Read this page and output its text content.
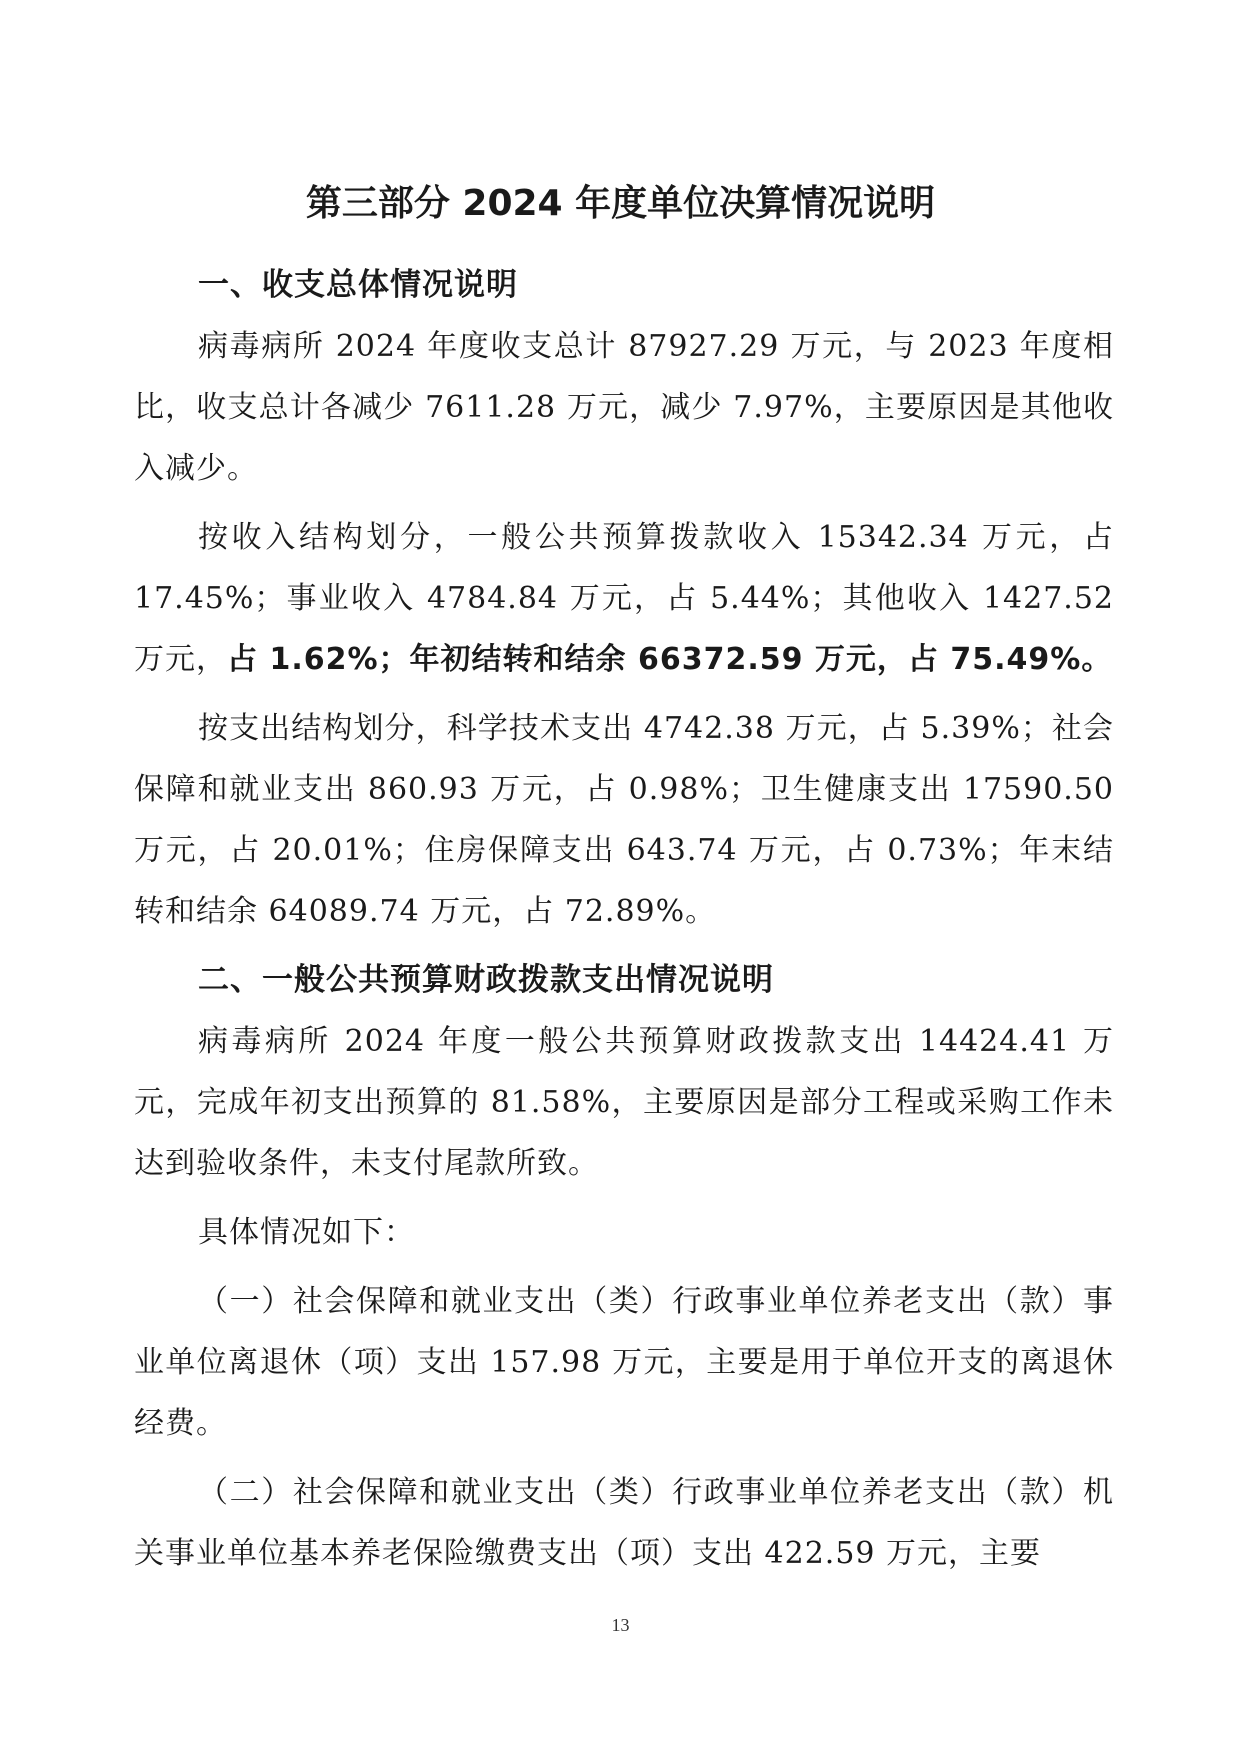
第三部分 2024 年度单位决算情况说明

一、收支总体情况说明

病毒病所 2024 年度收支总计 87927.29 万元，与 2023 年度相比，收支总计各减少 7611.28 万元，减少 7.97%，主要原因是其他收入减少。

按收入结构划分，一般公共预算拨款收入 15342.34 万元，占 17.45%；事业收入 4784.84 万元，占 5.44%；其他收入 1427.52 万元，占 1.62%；年初结转和结余 66372.59 万元，占 75.49%。

按支出结构划分，科学技术支出 4742.38 万元，占 5.39%；社会保障和就业支出 860.93 万元，占 0.98%；卫生健康支出 17590.50 万元，占 20.01%；住房保障支出 643.74 万元，占 0.73%；年末结转和结余 64089.74 万元，占 72.89%。

二、一般公共预算财政拨款支出情况说明

病毒病所 2024 年度一般公共预算财政拨款支出 14424.41 万元，完成年初支出预算的 81.58%，主要原因是部分工程或采购工作未达到验收条件，未支付尾款所致。

具体情况如下：

（一）社会保障和就业支出（类）行政事业单位养老支出（款）事业单位离退休（项）支出 157.98 万元，主要是用于单位开支的离退休经费。

（二）社会保障和就业支出（类）行政事业单位养老支出（款）机关事业单位基本养老保险缴费支出（项）支出 422.59 万元，主要

13
